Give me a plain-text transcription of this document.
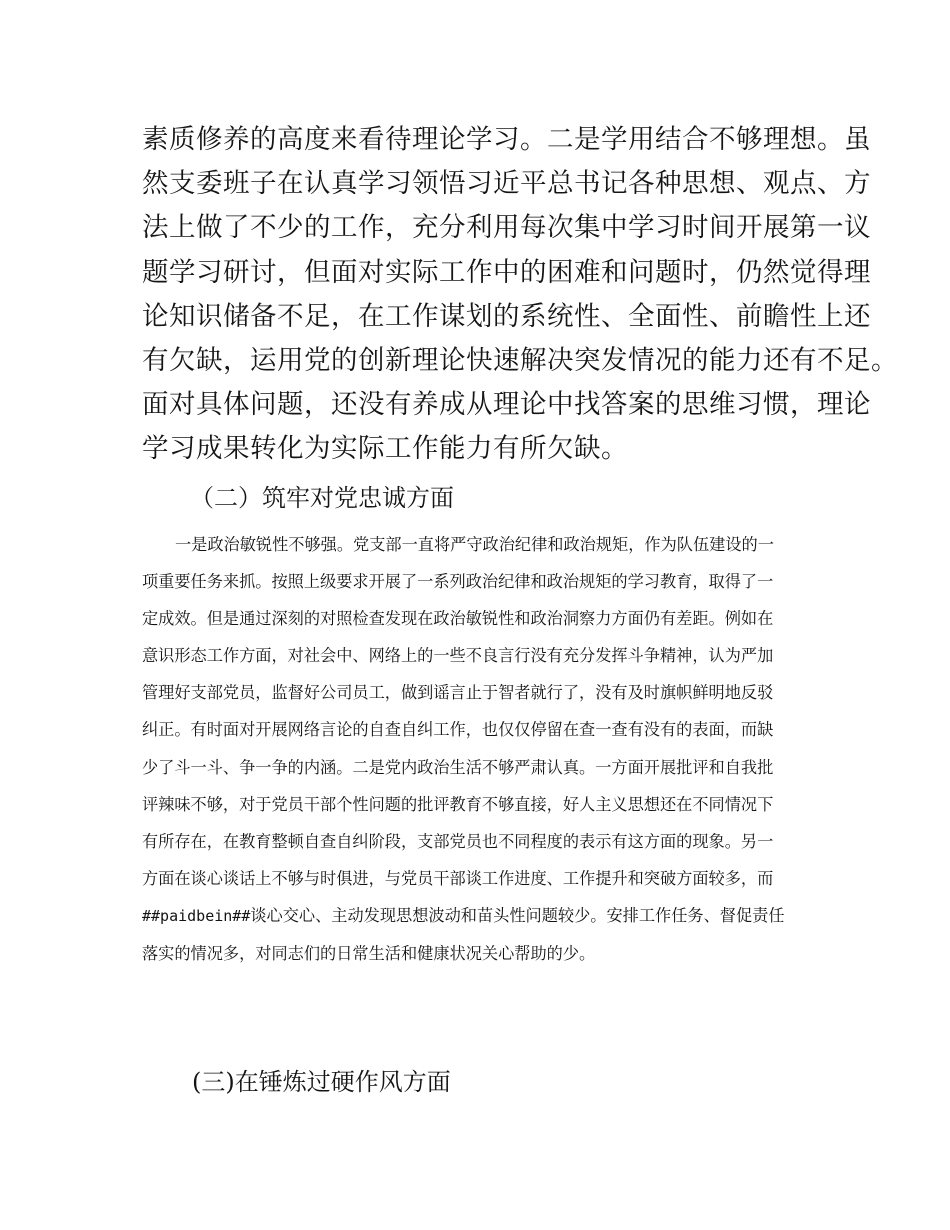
素质修养的高度来看待理论学习。二是学用结合不够理想。虽
然支委班子在认真学习领悟习近平总书记各种思想、观点、方
法上做了不少的工作，充分利用每次集中学习时间开展第一议
题学习研讨，但面对实际工作中的困难和问题时，仍然觉得理
论知识储备不足，在工作谋划的系统性、全面性、前瞻性上还
有欠缺，运用党的创新理论快速解决突发情况的能力还有不足。
面对具体问题，还没有养成从理论中找答案的思维习惯，理论
学习成果转化为实际工作能力有所欠缺。
（二）筑牢对党忠诚方面
一是政治敏锐性不够强。党支部一直将严守政治纪律和政治规矩，作为队伍建设的一
项重要任务来抓。按照上级要求开展了一系列政治纪律和政治规矩的学习教育，取得了一
定成效。但是通过深刻的对照检查发现在政治敏锐性和政治洞察力方面仍有差距。例如在
意识形态工作方面，对社会中、网络上的一些不良言行没有充分发挥斗争精神，认为严加
管理好支部党员，监督好公司员工，做到谣言止于智者就行了，没有及时旗帜鲜明地反驳
纠正。有时面对开展网络言论的自查自纠工作，也仅仅停留在查一查有没有的表面，而缺
少了斗一斗、争一争的内涵。二是党内政治生活不够严肃认真。一方面开展批评和自我批
评辣味不够，对于党员干部个性问题的批评教育不够直接，好人主义思想还在不同情况下
有所存在，在教育整顿自查自纠阶段，支部党员也不同程度的表示有这方面的现象。另一
方面在谈心谈话上不够与时俱进，与党员干部谈工作进度、工作提升和突破方面较多，而
##paidbein##谈心交心、主动发现思想波动和苗头性问题较少。安排工作任务、督促责任
落实的情况多，对同志们的日常生活和健康状况关心帮助的少。
(三)在锤炼过硬作风方面
